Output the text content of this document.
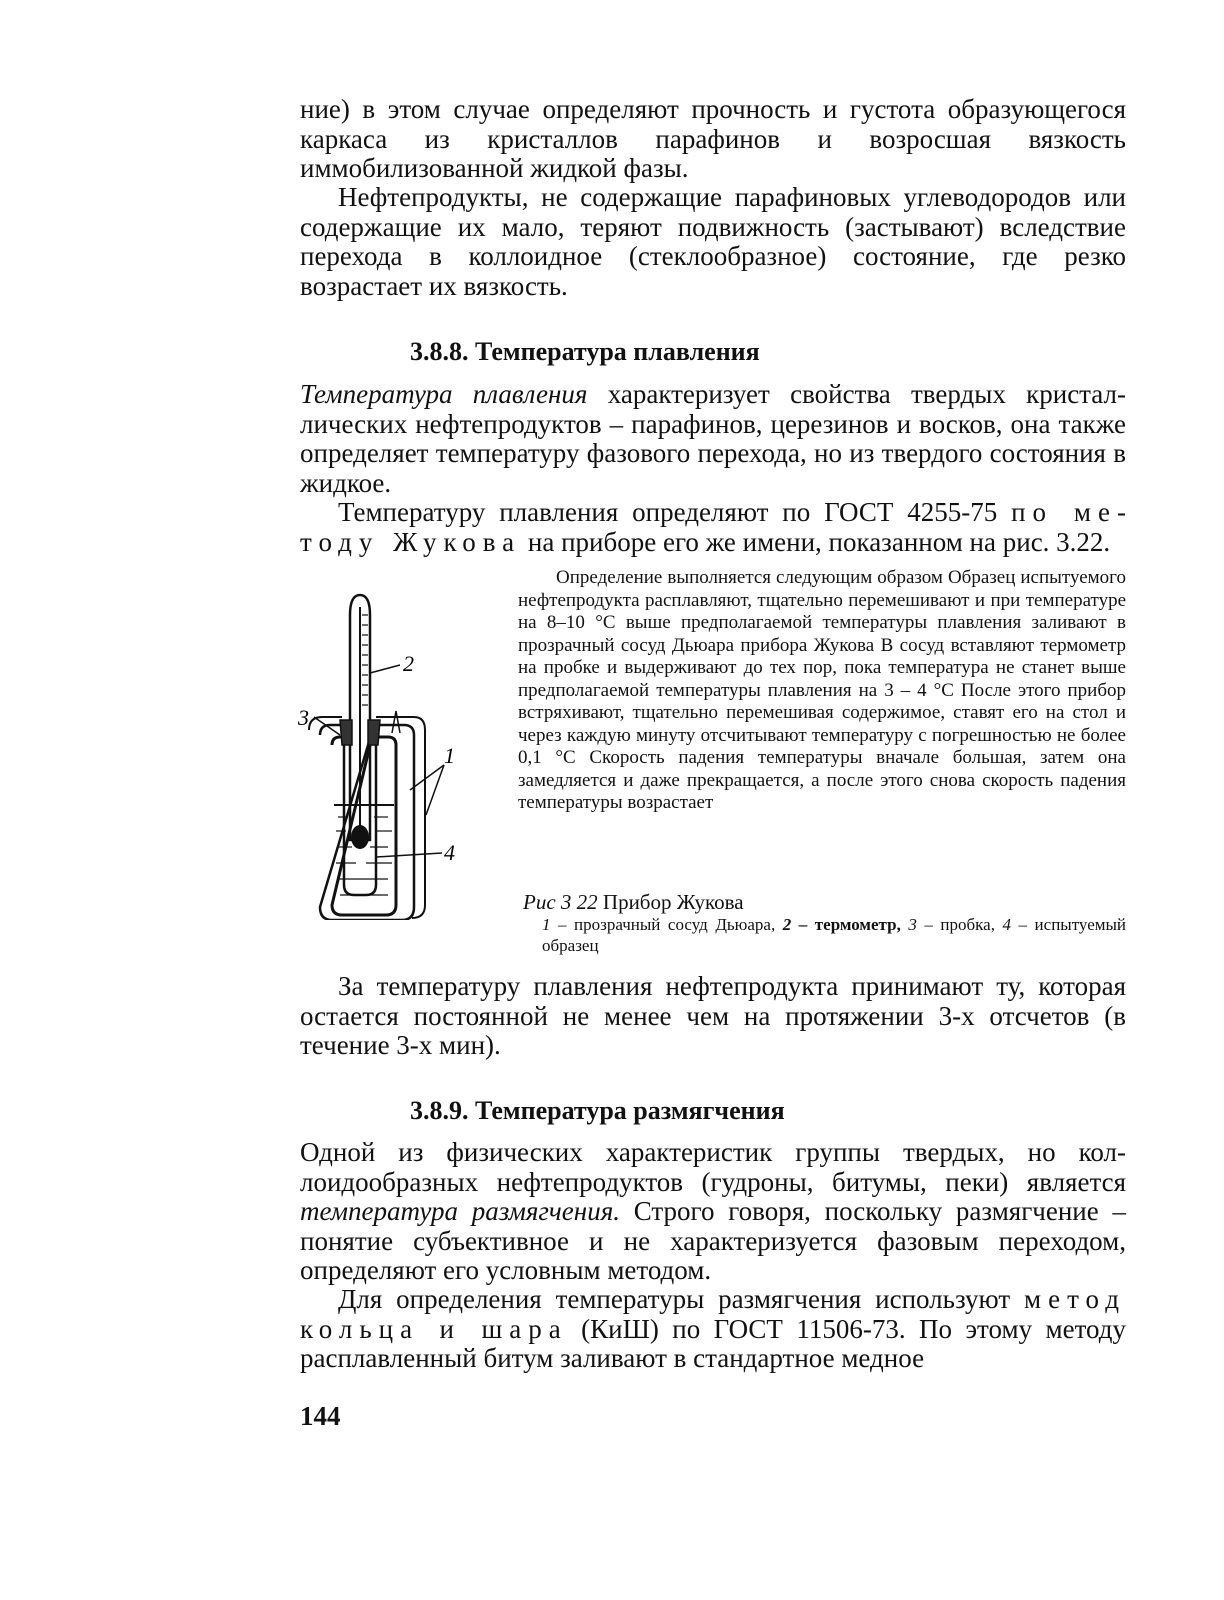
ние) в этом случае определяют прочность и густота образующегося каркаса из кристаллов парафинов и возросшая вязкость иммобилизованной жидкой фазы.

Нефтепродукты, не содержащие парафиновых углеводородов или содержащие их мало, теряют подвижность (застывают) вследствие перехода в коллоидное (стеклообразное) состояние, где резко возрастает их вязкость.

3.8.8. Температура плавления

Температура плавления характеризует свойства твердых кристаллических нефтепродуктов – парафинов, церезинов и восков, она также определяет температуру фазового перехода, но из твердого состояния в жидкое.

Температуру плавления определяют по ГОСТ 4255-75 по методу Жукова на приборе его же имени, показанном на рис. 3.22.

2
3
1
4
Определение выполняется следующим образом Образец испытуемого нефтепродукта расплавляют, тщательно перемешивают и при температуре на 8–10 °С выше предполагаемой температуры плавления заливают в прозрачный сосуд Дьюара прибора Жукова В сосуд вставляют термометр на пробке и выдерживают до тех пор, пока температура не станет выше предполагаемой температуры плавления на 3 – 4 °С После этого прибор встряхивают, тщательно перемешивая содержимое, ставят его на стол и через каждую минуту отсчитывают температуру с погрешностью не более 0,1 °С Скорость падения температуры вначале большая, затем она замедляется и даже прекращается, а после этого снова скорость падения температуры возрастает
Рис 3 22 Прибор Жукова
1 – прозрачный сосуд Дьюара, 2 – термометр, 3 – пробка, 4 – испытуемый образец

За температуру плавления нефтепродукта принимают ту, которая остается постоянной не менее чем на протяжении 3-х отсчетов (в течение 3-х мин).

3.8.9. Температура размягчения

Одной из физических характеристик группы твердых, но коллоидообразных нефтепродуктов (гудроны, битумы, пеки) является температура размягчения. Строго говоря, поскольку размягчение – понятие субъективное и не характеризуется фазовым переходом, определяют его условным методом.

Для определения температуры размягчения используют метод кольца и шара (КиШ) по ГОСТ 11506-73. По этому методу расплавленный битум заливают в стандартное медное

144
